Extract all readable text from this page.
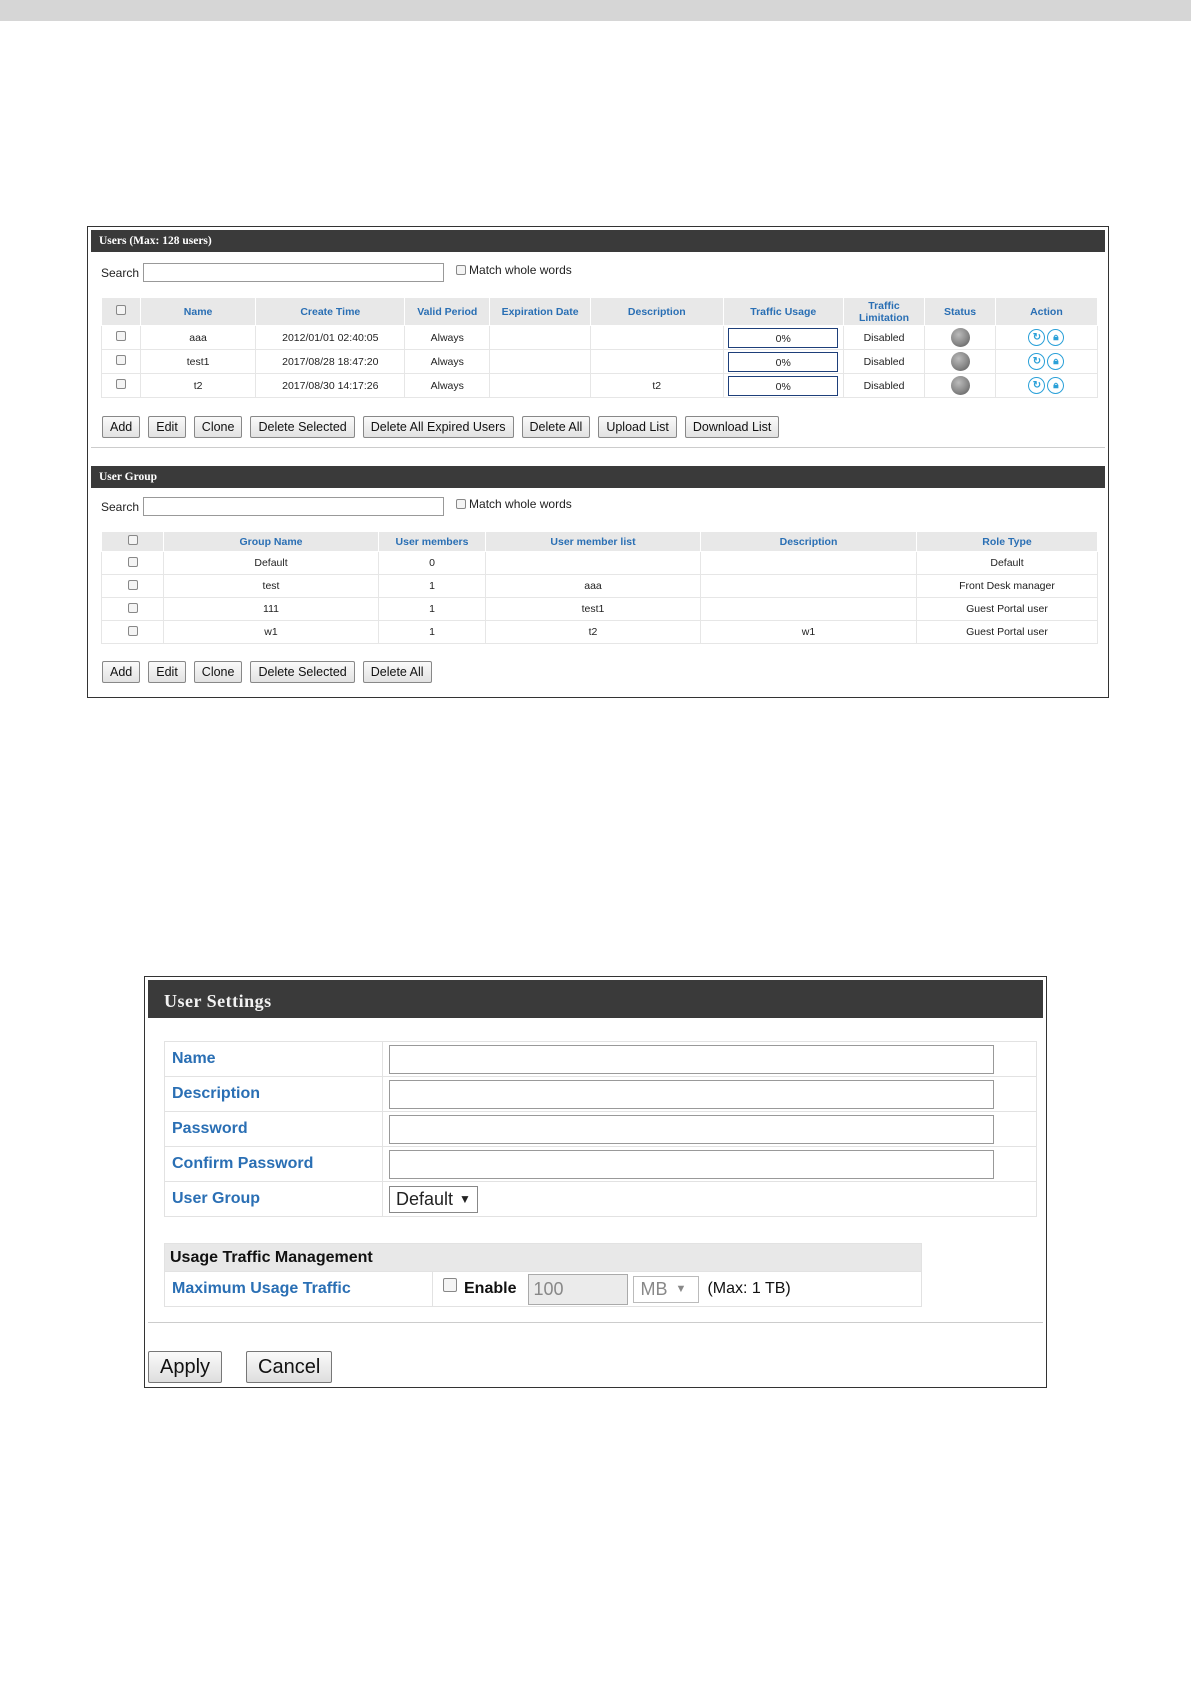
Users (Max: 128 users)
Search	Match whole words
	Name	Create Time	Valid Period	Expiration Date	Description	Traffic Usage	Traffic Limitation	Status	Action
	aaa	2012/01/01 02:40:05	Always			0%	Disabled		↻ 🔒︎
	test1	2017/08/28 18:47:20	Always			0%	Disabled		↻ 🔒︎
	t2	2017/08/30 14:17:26	Always		t2	0%	Disabled		↻ 🔒︎
Add	Edit	Clone	Delete Selected	Delete All Expired Users	Delete All	Upload List	Download List
User Group
Search	Match whole words
	Group Name	User members	User member list	Description	Role Type
	Default	0			Default
	test	1	aaa		Front Desk manager
	111	1	test1		Guest Portal user
	w1	1	t2	w1	Guest Portal user
Add	Edit	Clone	Delete Selected	Delete All
User Settings
Name	

Description	

Password	

Confirm Password	

User Group	Default ▼
Usage Traffic Management
Maximum Usage Traffic	Enable 100	MB ▼ (Max: 1 TB)
Apply	Cancel
